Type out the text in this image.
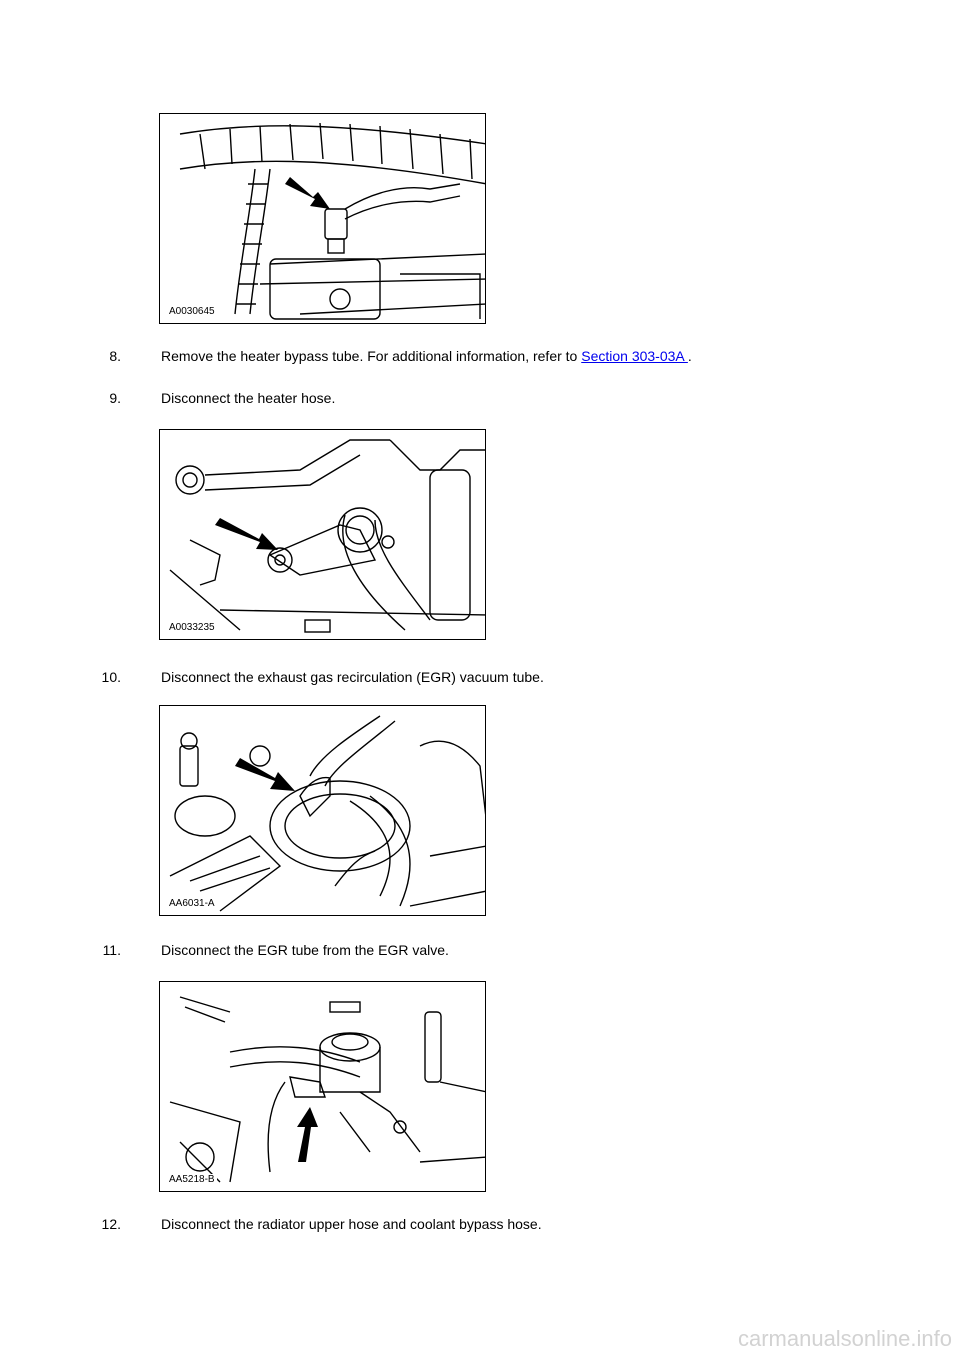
A0030645
8.	Remove the heater bypass tube. For additional information, refer to Section 303-03A .
9.	Disconnect the heater hose.
A0033235
10.	Disconnect the exhaust gas recirculation (EGR) vacuum tube.
AA6031-A
11.	Disconnect the EGR tube from the EGR valve.
AA5218-B
12.	Disconnect the radiator upper hose and coolant bypass hose.
carmanualsonline.info
